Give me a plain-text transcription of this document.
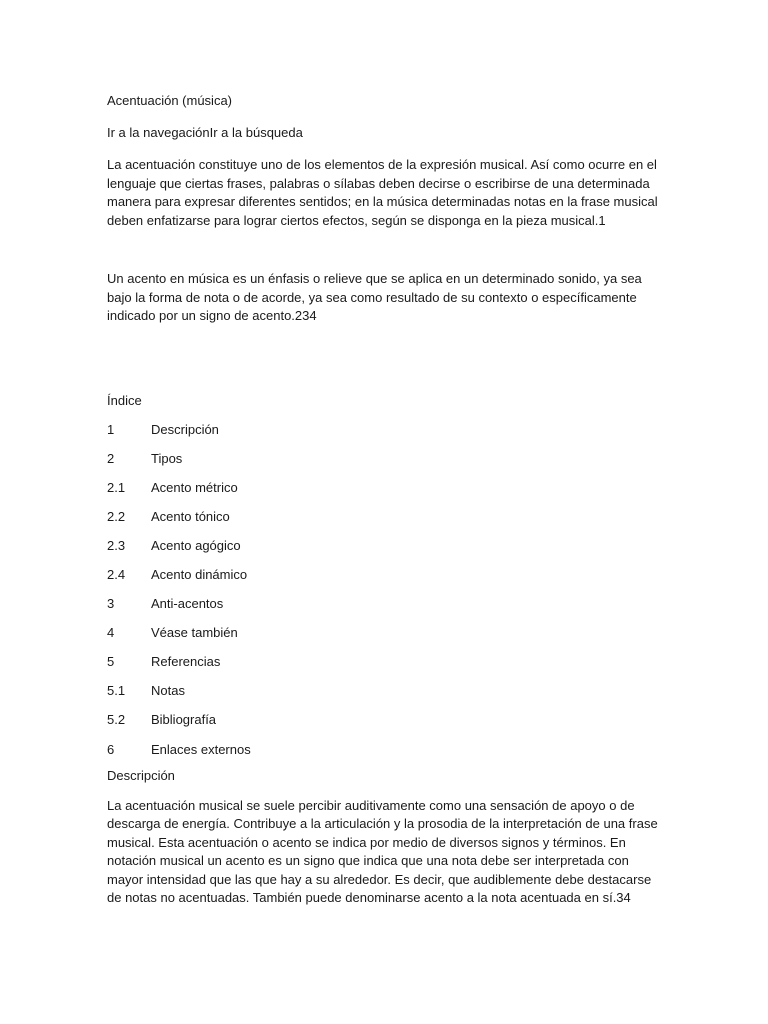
Acentuación (música)

Ir a la navegaciónIr a la búsqueda

La acentuación constituye uno de los elementos de la expresión musical. Así como ocurre en el lenguaje que ciertas frases, palabras o sílabas deben decirse o escribirse de una determinada manera para expresar diferentes sentidos; en la música determinadas notas en la frase musical deben enfatizarse para lograr ciertos efectos, según se disponga en la pieza musical.1

Un acento en música es un énfasis o relieve que se aplica en un determinado sonido, ya sea bajo la forma de nota o de acorde, ya sea como resultado de su contexto o específicamente indicado por un signo de acento.234

Índice

1	Descripción
2	Tipos
2.1	Acento métrico
2.2	Acento tónico
2.3	Acento agógico
2.4	Acento dinámico
3	Anti-acentos
4	Véase también
5	Referencias
5.1	Notas
5.2	Bibliografía
6	Enlaces externos

Descripción

La acentuación musical se suele percibir auditivamente como una sensación de apoyo o de descarga de energía. Contribuye a la articulación y la prosodia de la interpretación de una frase musical. Esta acentuación o acento se indica por medio de diversos signos y términos. En notación musical un acento es un signo que indica que una nota debe ser interpretada con mayor intensidad que las que hay a su alrededor. Es decir, que audiblemente debe destacarse de notas no acentuadas. También puede denominarse acento a la nota acentuada en sí.34
